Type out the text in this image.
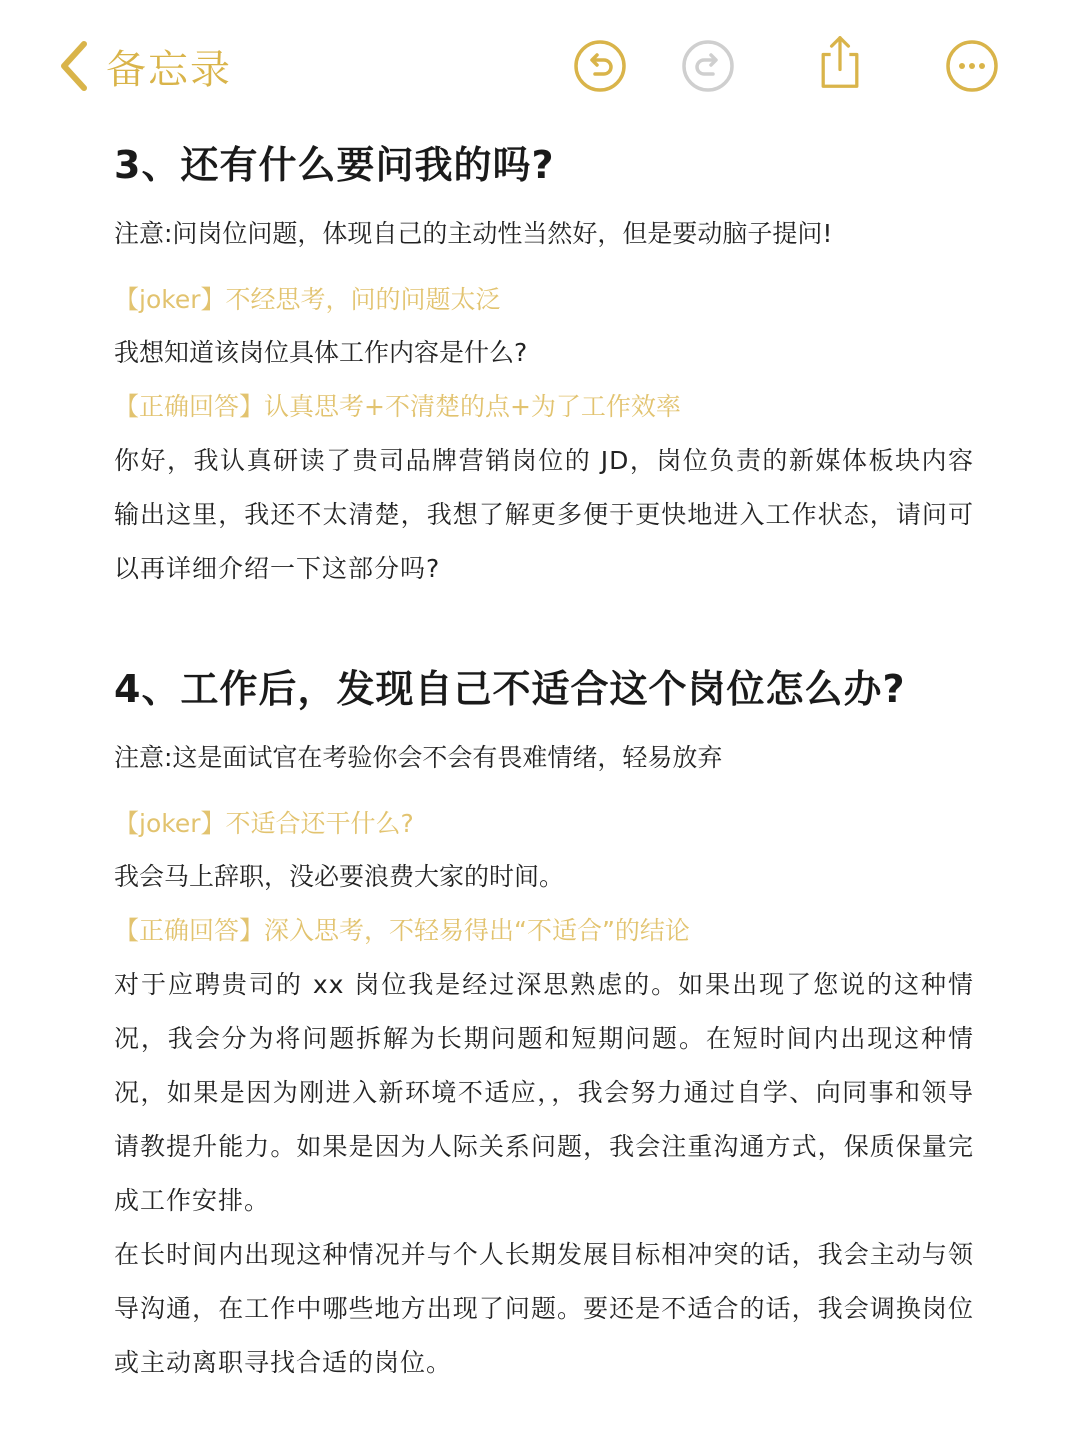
备忘录
3、还有什么要问我的吗?
注意:问岗位问题，体现自己的主动性当然好，但是要动脑子提问!
【joker】不经思考，问的问题太泛
我想知道该岗位具体工作内容是什么?
【正确回答】认真思考+不清楚的点+为了工作效率
你好，我认真研读了贵司品牌营销岗位的 JD，岗位负责的新媒体板块内容输出这里，我还不太清楚，我想了解更多便于更快地进入工作状态，请问可以再详细介绍一下这部分吗?
4、工作后，发现自己不适合这个岗位怎么办?
注意:这是面试官在考验你会不会有畏难情绪，轻易放弃
【joker】不适合还干什么?
我会马上辞职，没必要浪费大家的时间。
【正确回答】深入思考，不轻易得出“不适合”的结论
对于应聘贵司的 xx 岗位我是经过深思熟虑的。如果出现了您说的这种情况，我会分为将问题拆解为长期问题和短期问题。在短时间内出现这种情况，如果是因为刚进入新环境不适应，，我会努力通过自学、向同事和领导请教提升能力。如果是因为人际关系问题，我会注重沟通方式，保质保量完成工作安排。
在长时间内出现这种情况并与个人长期发展目标相冲突的话，我会主动与领导沟通，在工作中哪些地方出现了问题。要还是不适合的话，我会调换岗位或主动离职寻找合适的岗位。
